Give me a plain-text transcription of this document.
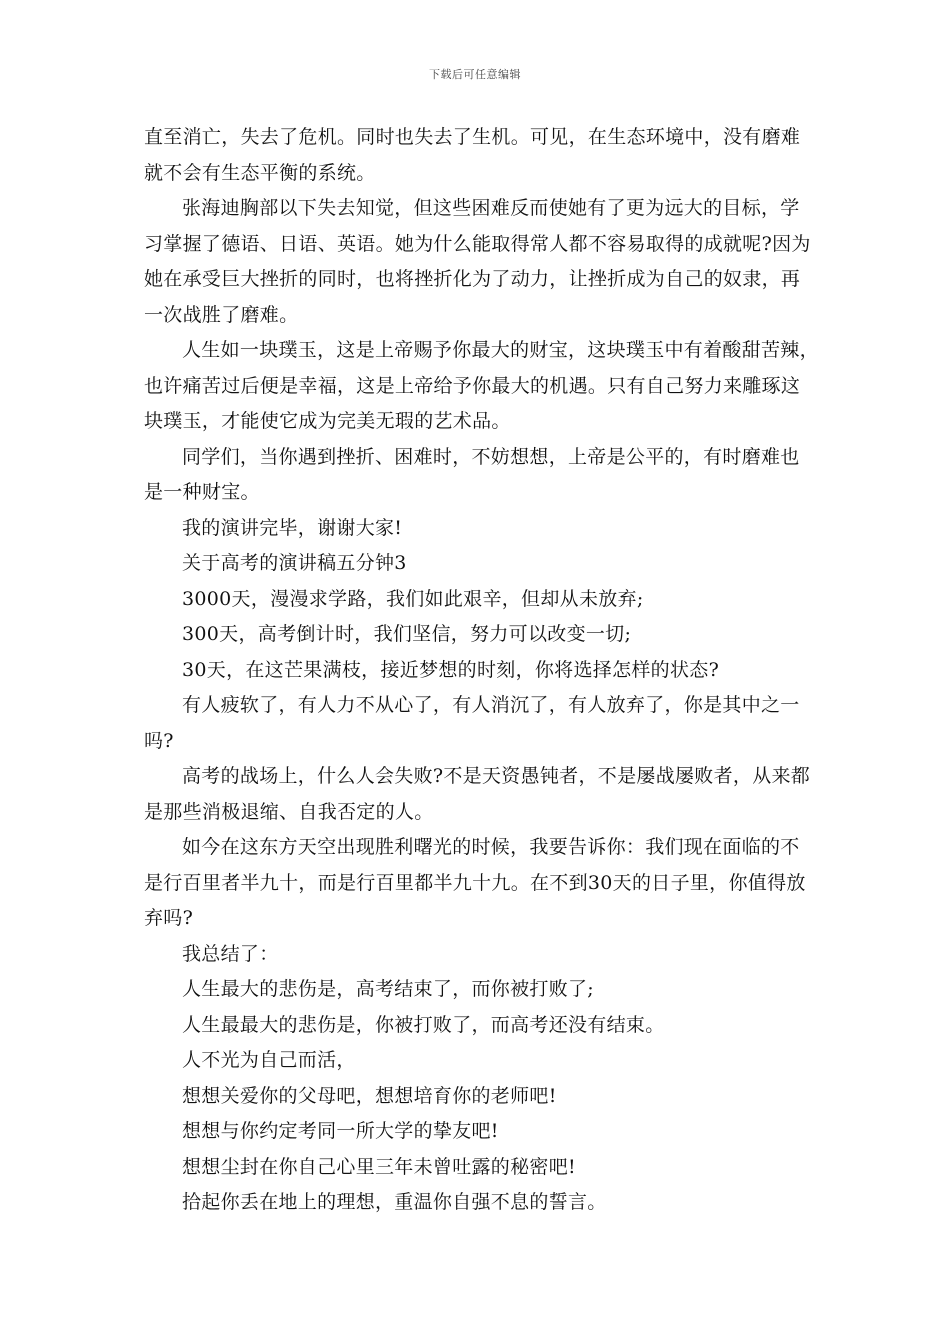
下载后可任意编辑
直至消亡，失去了危机。同时也失去了生机。可见，在生态环境中，没有磨难
就不会有生态平衡的系统。
张海迪胸部以下失去知觉，但这些困难反而使她有了更为远大的目标，学
习掌握了德语、日语、英语。她为什么能取得常人都不容易取得的成就呢?因为
她在承受巨大挫折的同时，也将挫折化为了动力，让挫折成为自己的奴隶，再
一次战胜了磨难。
人生如一块璞玉，这是上帝赐予你最大的财宝，这块璞玉中有着酸甜苦辣，
也许痛苦过后便是幸福，这是上帝给予你最大的机遇。只有自己努力来雕琢这
块璞玉，才能使它成为完美无瑕的艺术品。
同学们，当你遇到挫折、困难时，不妨想想，上帝是公平的，有时磨难也
是一种财宝。
我的演讲完毕，谢谢大家!
关于高考的演讲稿五分钟3
3000天，漫漫求学路，我们如此艰辛，但却从未放弃;
300天，高考倒计时，我们坚信，努力可以改变一切;
30天，在这芒果满枝，接近梦想的时刻，你将选择怎样的状态?
有人疲软了，有人力不从心了，有人消沉了，有人放弃了，你是其中之一
吗?
高考的战场上，什么人会失败?不是天资愚钝者，不是屡战屡败者，从来都
是那些消极退缩、自我否定的人。
如今在这东方天空出现胜利曙光的时候，我要告诉你：我们现在面临的不
是行百里者半九十，而是行百里都半九十九。在不到30天的日子里，你值得放
弃吗?
我总结了：
人生最大的悲伤是，高考结束了，而你被打败了;
人生最最大的悲伤是，你被打败了，而高考还没有结束。
人不光为自己而活，
想想关爱你的父母吧，想想培育你的老师吧!
想想与你约定考同一所大学的挚友吧!
想想尘封在你自己心里三年未曾吐露的秘密吧!
拾起你丢在地上的理想，重温你自强不息的誓言。
